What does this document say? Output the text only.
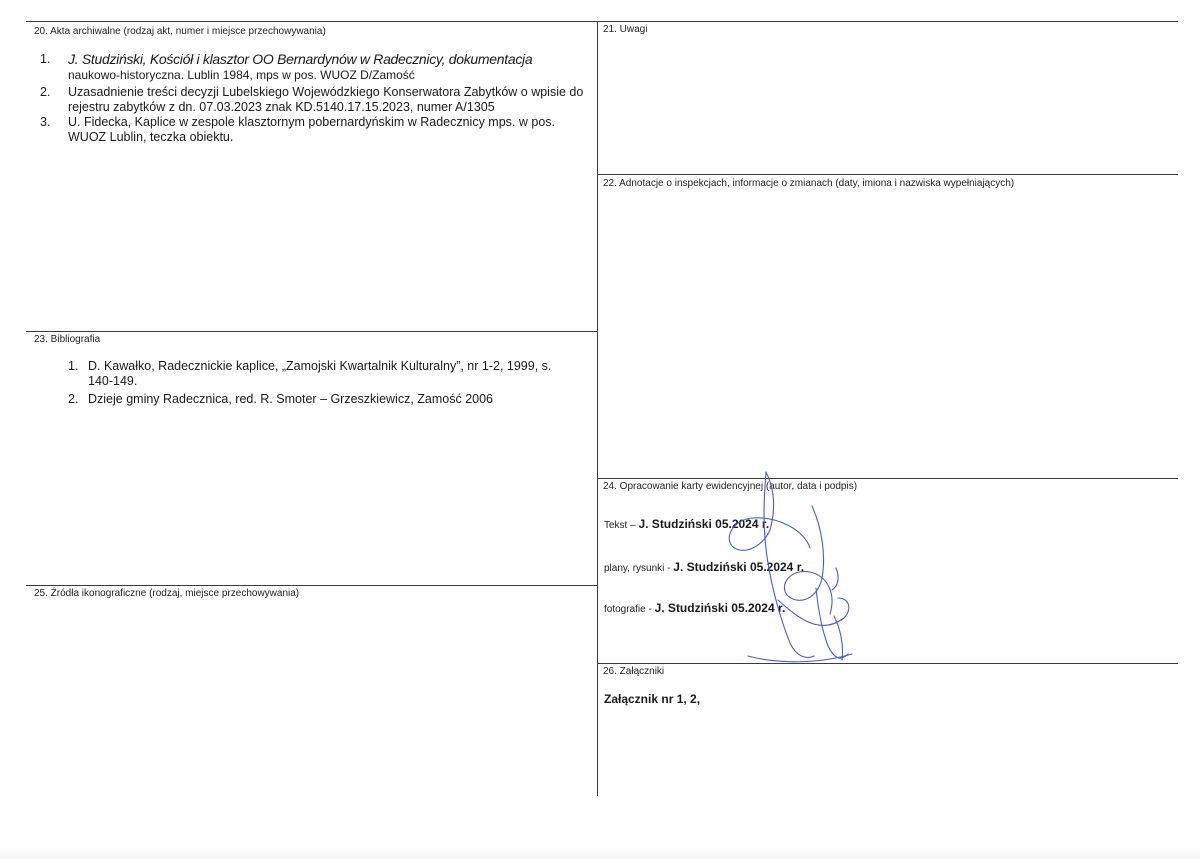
20. Akta archiwalne (rodzaj akt, numer i miejsce przechowywania)
1.	J. Studziński, Kościół i klasztor OO Bernardynów w Radecznicy, dokumentacja
naukowo-historyczna. Lublin 1984, mps w pos. WUOZ D/Zamość
2.	Uzasadnienie treści decyzji Lubelskiego Wojewódzkiego Konserwatora Zabytków o wpisie do rejestru zabytków z dn. 07.03.2023 znak KD.5140.17.15.2023, numer A/1305
3.	U. Fidecka, Kaplice w zespole klasztornym pobernardyńskim w Radecznicy mps. w pos. WUOZ Lublin, teczka obiektu.
21. Uwagi
22. Adnotacje o inspekcjach, informacje o zmianach (daty, imiona i nazwiska wypełniających)
23. Bibliografia
1. D. Kawałko, Radecznickie kaplice, „Zamojski Kwartalnik Kulturalny”, nr 1-2, 1999, s. 140-149.
2. Dzieje gminy Radecznica, red. R. Smoter – Grzeszkiewicz, Zamość 2006
24. Opracowanie karty ewidencyjnej (autor, data i podpis)
Tekst – J. Studziński 05.2024 r.
plany, rysunki - J. Studziński 05.2024 r.
fotografie - J. Studziński 05.2024 r.
25. Źródła ikonograficzne (rodzaj, miejsce przechowywania)
26. Załączniki
Załącznik nr 1, 2,
